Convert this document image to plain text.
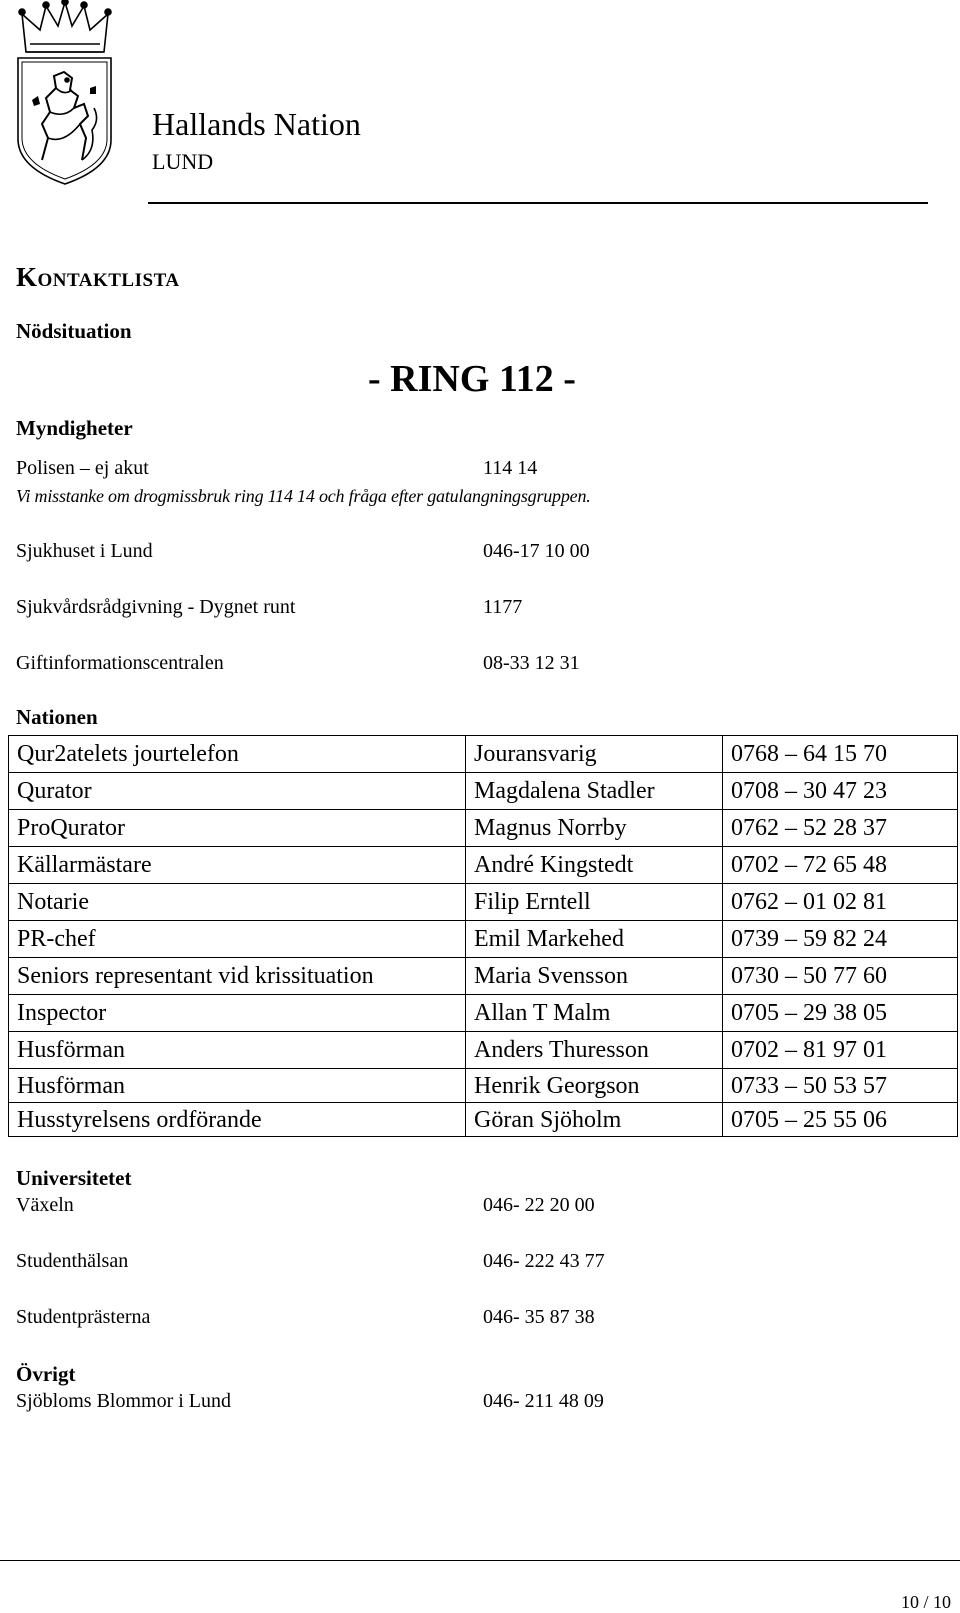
Hallands Nation
LUND
Kontaktlista
Nödsituation
- RING 112 -
Myndigheter
Polisen – ej akut	114 14
Vi misstanke om drogmissbruk ring 114 14 och fråga efter gatulangningsgruppen.
Sjukhuset i Lund	046-17 10 00
Sjukvårdsrådgivning - Dygnet runt	1177
Giftinformationscentralen	08-33 12 31
Nationen
Qur2atelets jourtelefon	Jouransvarig	0768 – 64 15 70
Qurator	Magdalena Stadler	0708 – 30 47 23
ProQurator	Magnus Norrby	0762 – 52 28 37
Källarmästare	André Kingstedt	0702 – 72 65 48
Notarie	Filip Erntell	0762 – 01 02 81
PR-chef	Emil Markehed	0739 – 59 82 24
Seniors representant vid krissituation	Maria Svensson	0730 – 50 77 60
Inspector	Allan T Malm	0705 – 29 38 05
Husförman	Anders Thuresson	0702 – 81 97 01
Husförman	Henrik Georgson	0733 – 50 53 57
Husstyrelsens ordförande	Göran Sjöholm	0705 – 25 55 06
Universitetet
Växeln	046- 22 20 00
Studenthälsan	046- 222 43 77
Studentprästerna	046- 35 87 38
Övrigt
Sjöbloms Blommor i Lund	046- 211 48 09
10 / 10
